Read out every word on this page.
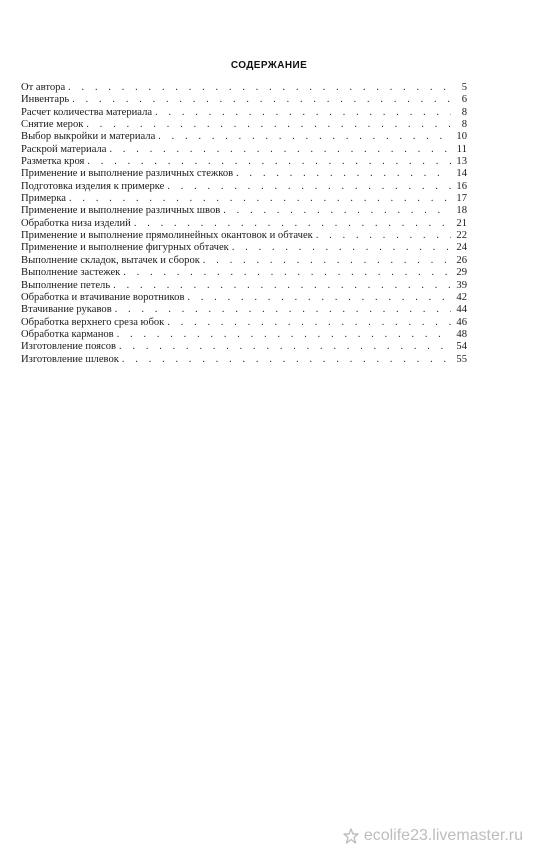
СОДЕРЖАНИЕ
От автора . . .	5
Инвентарь . . .	6
Расчет количества материала . . .	8
Снятие мерок . . .	8
Выбор выкройки и материала . . .	10
Раскрой материала . . .	11
Разметка кроя . . .	13
Применение и выполнение различных стежков . . .	14
Подготовка изделия к примерке . . .	16
Примерка . . .	17
Применение и выполнение различных швов . . .	18
Обработка низа изделий . . .	21
Применение и выполнение прямолинейных окантовок и обтачек . . .	22
Применение и выполнение фигурных обтачек . . .	24
Выполнение складок, вытачек и сборок . . .	26
Выполнение застежек . . .	29
Выполнение петель . . .	39
Обработка и втачивание воротников . . .	42
Втачивание рукавов . . .	44
Обработка верхнего среза юбок . . .	46
Обработка карманов . . .	48
Изготовление поясов . . .	54
Изготовление шлевок . . .	55
ecolife23.livemaster.ru
